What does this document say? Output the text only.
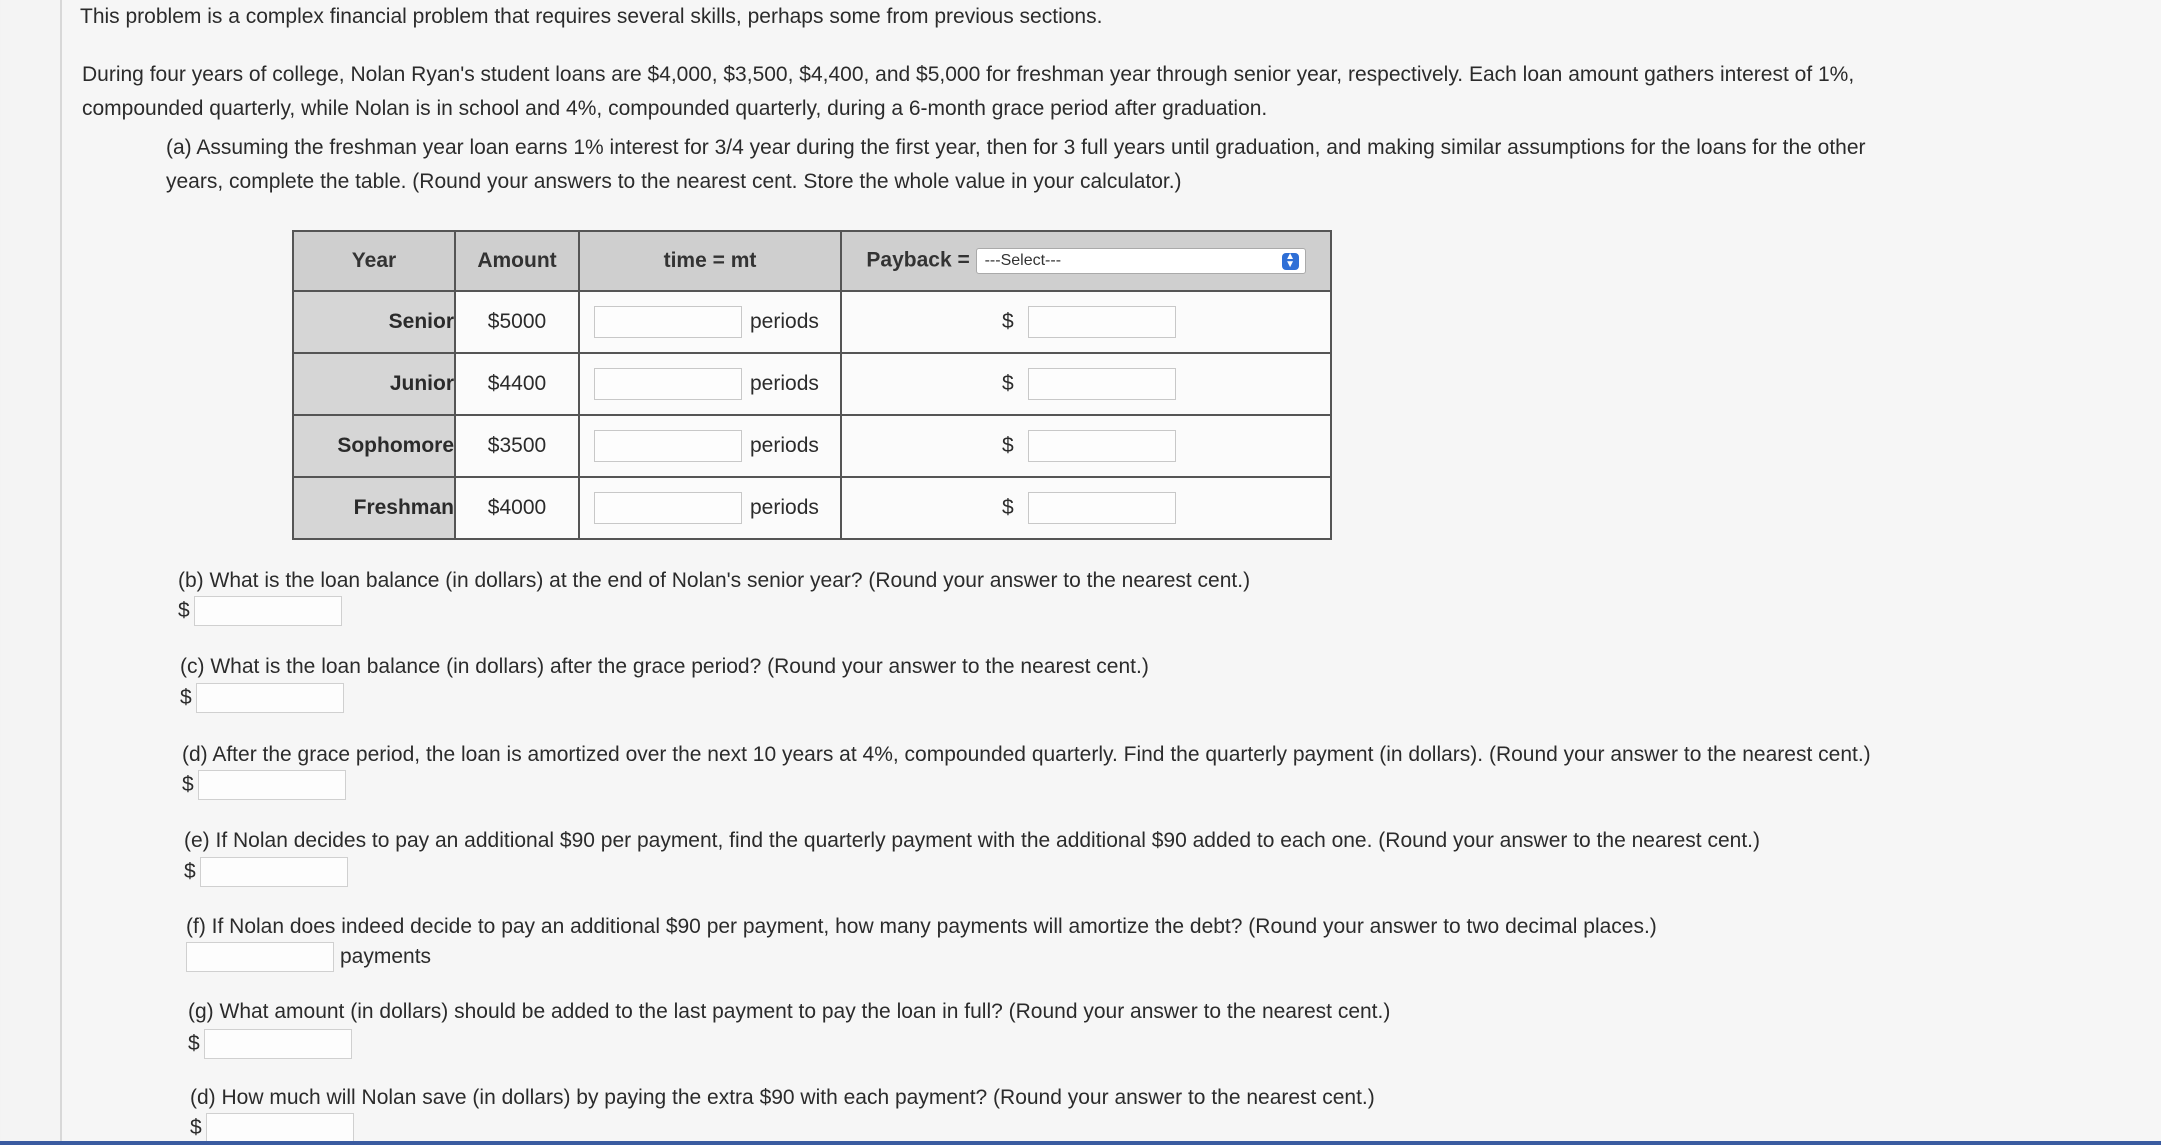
This problem is a complex financial problem that requires several skills, perhaps some from previous sections.
During four years of college, Nolan Ryan's student loans are $4,000, $3,500, $4,400, and $5,000 for freshman year through senior year, respectively. Each loan amount gathers interest of 1%,
compounded quarterly, while Nolan is in school and 4%, compounded quarterly, during a 6-month grace period after graduation.
(a) Assuming the freshman year loan earns 1% interest for 3/4 year during the first year, then for 3 full years until graduation, and making similar assumptions for the loans for the other
years, complete the table. (Round your answers to the nearest cent. Store the whole value in your calculator.)
Year	Amount	time = mt	Payback = ---Select--- ▲
▼

Senior	$5000	periods	$

Junior	$4400	periods	$

Sophomore	$3500	periods	$

Freshman	$4000	periods	$
(b) What is the loan balance (in dollars) at the end of Nolan's senior year? (Round your answer to the nearest cent.)
$
(c) What is the loan balance (in dollars) after the grace period? (Round your answer to the nearest cent.)
$
(d) After the grace period, the loan is amortized over the next 10 years at 4%, compounded quarterly. Find the quarterly payment (in dollars). (Round your answer to the nearest cent.)
$
(e) If Nolan decides to pay an additional $90 per payment, find the quarterly payment with the additional $90 added to each one. (Round your answer to the nearest cent.)
$
(f) If Nolan does indeed decide to pay an additional $90 per payment, how many payments will amortize the debt? (Round your answer to two decimal places.)
payments
(g) What amount (in dollars) should be added to the last payment to pay the loan in full? (Round your answer to the nearest cent.)
$
(d) How much will Nolan save (in dollars) by paying the extra $90 with each payment? (Round your answer to the nearest cent.)
$
